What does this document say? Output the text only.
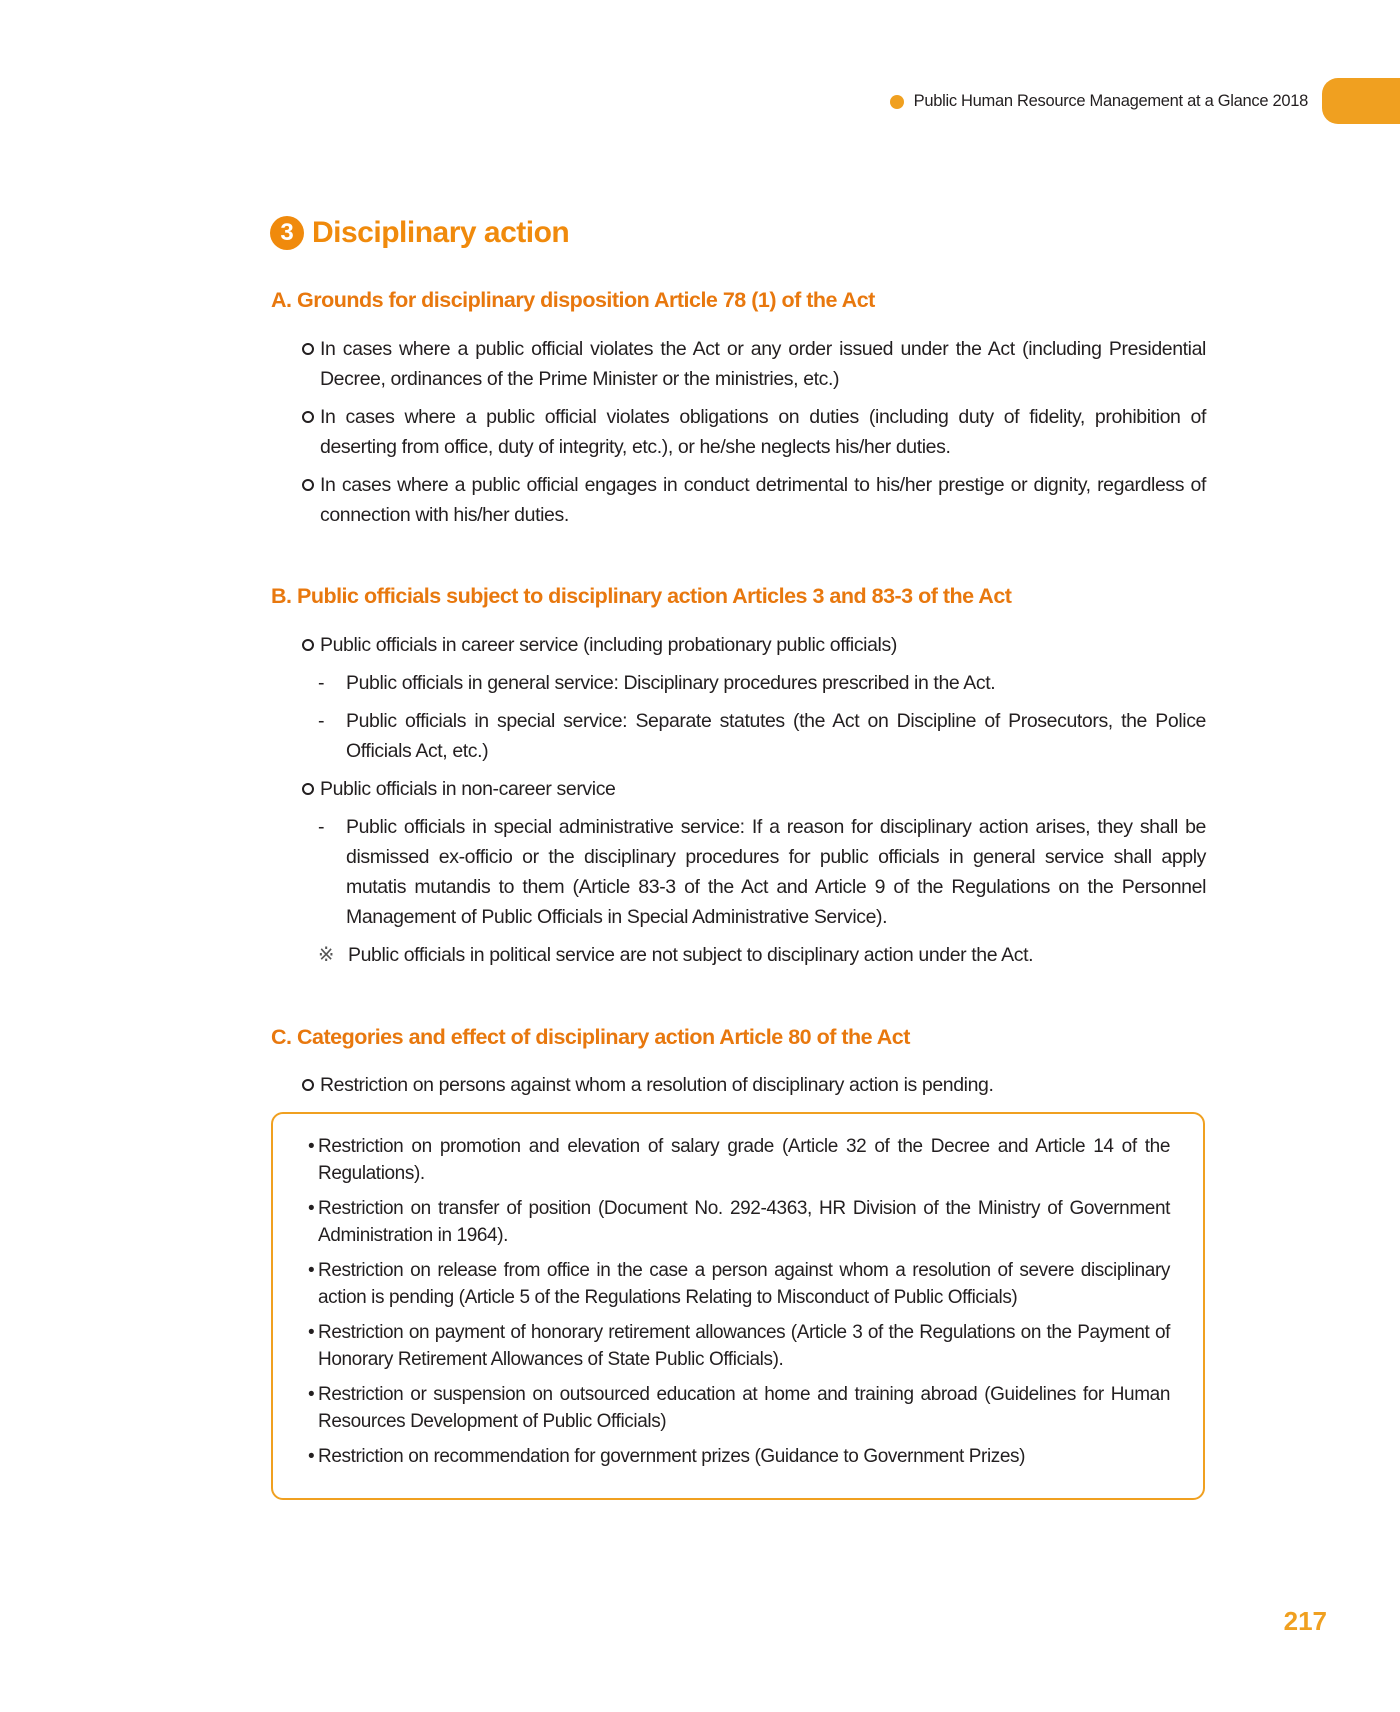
Public Human Resource Management at a Glance 2018
3 Disciplinary action
A. Grounds for disciplinary disposition Article 78 (1) of the Act
In cases where a public official violates the Act or any order issued under the Act (including Presidential Decree, ordinances of the Prime Minister or the ministries, etc.)
In cases where a public official violates obligations on duties (including duty of fidelity, prohibition of deserting from office, duty of integrity, etc.), or he/she neglects his/her duties.
In cases where a public official engages in conduct detrimental to his/her prestige or dignity, regardless of connection with his/her duties.
B. Public officials subject to disciplinary action Articles 3 and 83-3 of the Act
Public officials in career service (including probationary public officials)
- Public officials in general service: Disciplinary procedures prescribed in the Act.
- Public officials in special service: Separate statutes (the Act on Discipline of Prosecutors, the Police Officials Act, etc.)
Public officials in non-career service
- Public officials in special administrative service: If a reason for disciplinary action arises, they shall be dismissed ex-officio or the disciplinary procedures for public officials in general service shall apply mutatis mutandis to them (Article 83-3 of the Act and Article 9 of the Regulations on the Personnel Management of Public Officials in Special Administrative Service).
※ Public officials in political service are not subject to disciplinary action under the Act.
C. Categories and effect of disciplinary action Article 80 of the Act
Restriction on persons against whom a resolution of disciplinary action is pending.
• Restriction on promotion and elevation of salary grade (Article 32 of the Decree and Article 14 of the Regulations).
• Restriction on transfer of position (Document No. 292-4363, HR Division of the Ministry of Government Administration in 1964).
• Restriction on release from office in the case a person against whom a resolution of severe disciplinary action is pending (Article 5 of the Regulations Relating to Misconduct of Public Officials)
• Restriction on payment of honorary retirement allowances (Article 3 of the Regulations on the Payment of Honorary Retirement Allowances of State Public Officials).
• Restriction or suspension on outsourced education at home and training abroad (Guidelines for Human Resources Development of Public Officials)
• Restriction on recommendation for government prizes (Guidance to Government Prizes)
217
